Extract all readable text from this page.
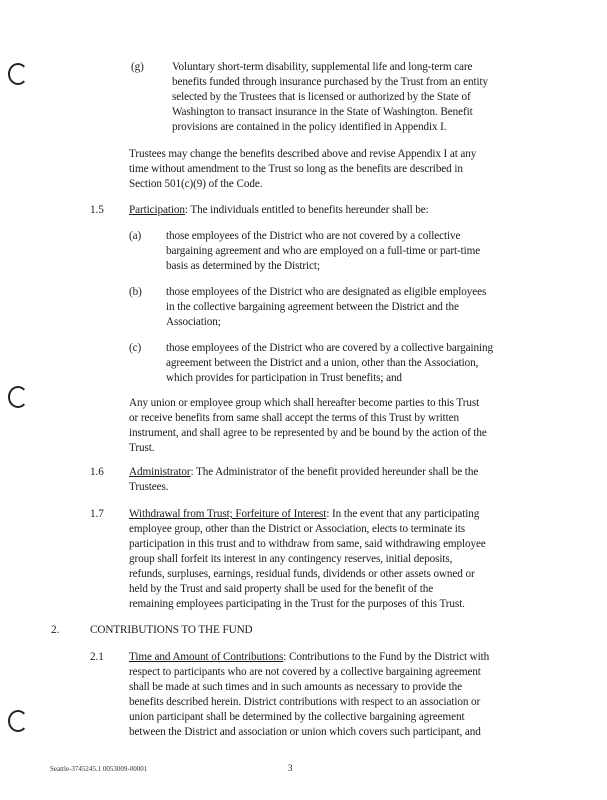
(g)	Voluntary short-term disability, supplemental life and long-term care
benefits funded through insurance purchased by the Trust from an entity
selected by the Trustees that is licensed or authorized by the State of
Washington to transact insurance in the State of Washington. Benefit
provisions are contained in the policy identified in Appendix I.
Trustees may change the benefits described above and revise Appendix I at any
time without amendment to the Trust so long as the benefits are described in
Section 501(c)(9) of the Code.
1.5 Participation: The individuals entitled to benefits hereunder shall be:
(a) those employees of the District who are not covered by a collective
bargaining agreement and who are employed on a full-time or part-time
basis as determined by the District;
(b) those employees of the District who are designated as eligible employees
in the collective bargaining agreement between the District and the
Association;
(c) those employees of the District who are covered by a collective bargaining
agreement between the District and a union, other than the Association,
which provides for participation in Trust benefits; and
Any union or employee group which shall hereafter become parties to this Trust
or receive benefits from same shall accept the terms of this Trust by written
instrument, and shall agree to be represented by and be bound by the action of the
Trust.
1.6 Administrator: The Administrator of the benefit provided hereunder shall be the
Trustees.
1.7 Withdrawal from Trust; Forfeiture of Interest: In the event that any participating
employee group, other than the District or Association, elects to terminate its
participation in this trust and to withdraw from same, said withdrawing employee
group shall forfeit its interest in any contingency reserves, initial deposits,
refunds, surpluses, earnings, residual funds, dividends or other assets owned or
held by the Trust and said property shall be used for the benefit of the
remaining employees participating in the Trust for the purposes of this Trust.
2.	CONTRIBUTIONS TO THE FUND
2.1 Time and Amount of Contributions: Contributions to the Fund by the District with
respect to participants who are not covered by a collective bargaining agreement
shall be made at such times and in such amounts as necessary to provide the
benefits described herein. District contributions with respect to an association or
union participant shall be determined by the collective bargaining agreement
between the District and association or union which covers such participant, and
Seattle-3745245.1 0053009-00001	3
